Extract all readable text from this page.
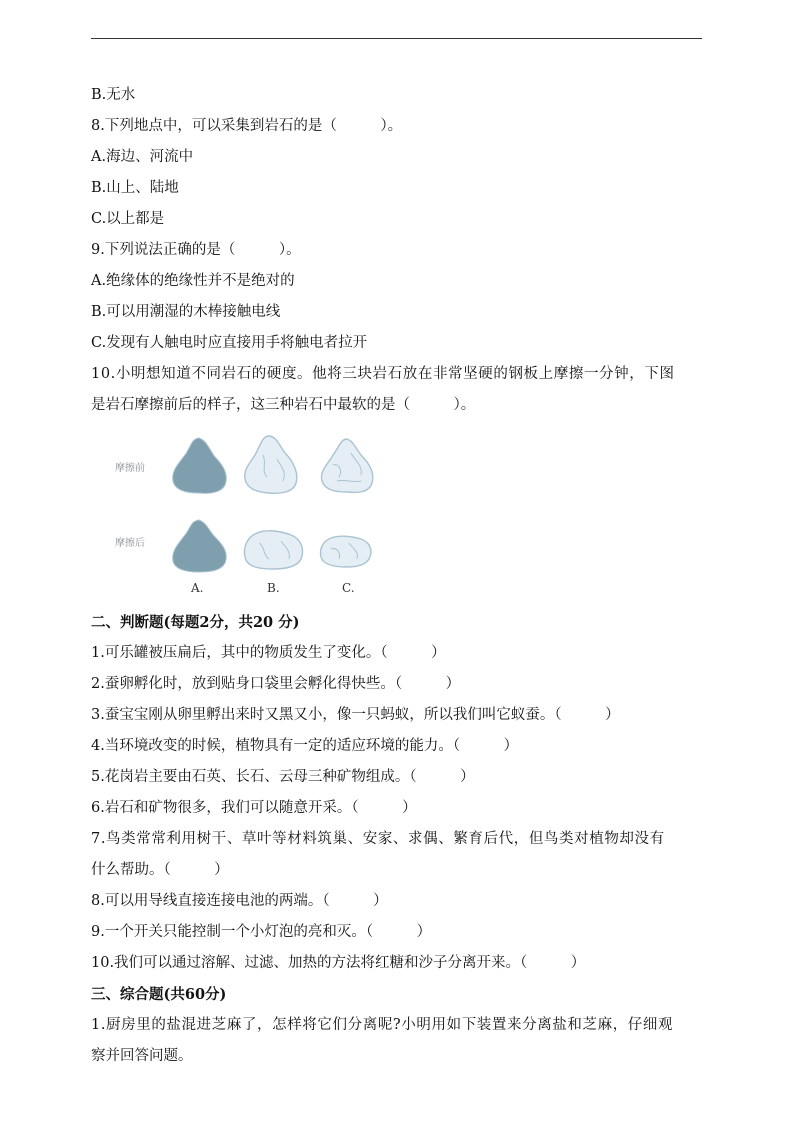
B.无水
8.下列地点中，可以采集到岩石的是（　　　）。
A.海边、河流中
B.山上、陆地
C.以上都是
9.下列说法正确的是（　　　）。
A.绝缘体的绝缘性并不是绝对的
B.可以用潮湿的木棒接触电线
C.发现有人触电时应直接用手将触电者拉开
10.小明想知道不同岩石的硬度。他将三块岩石放在非常坚硬的钢板上摩擦一分钟，下图
是岩石摩擦前后的样子，这三种岩石中最软的是（　　　）。
摩擦前
摩擦后
A.	B.	C.
二、判断题(每题2分，共20 分)
1.可乐罐被压扁后，其中的物质发生了变化。（　　　）
2.蚕卵孵化时，放到贴身口袋里会孵化得快些。（　　　）
3.蚕宝宝刚从卵里孵出来时又黑又小，像一只蚂蚁，所以我们叫它蚁蚕。（　　　）
4.当环境改变的时候，植物具有一定的适应环境的能力。（　　　）
5.花岗岩主要由石英、长石、云母三种矿物组成。（　　　）
6.岩石和矿物很多，我们可以随意开采。（　　　）
7.鸟类常常利用树干、草叶等材料筑巢、安家、求偶、繁育后代，但鸟类对植物却没有
什么帮助。（　　　）
8.可以用导线直接连接电池的两端。（　　　）
9.一个开关只能控制一个小灯泡的亮和灭。（　　　）
10.我们可以通过溶解、过滤、加热的方法将红糖和沙子分离开来。（　　　）
三、综合题(共60分)
1.厨房里的盐混进芝麻了，怎样将它们分离呢?小明用如下装置来分离盐和芝麻，仔细观
察并回答问题。
